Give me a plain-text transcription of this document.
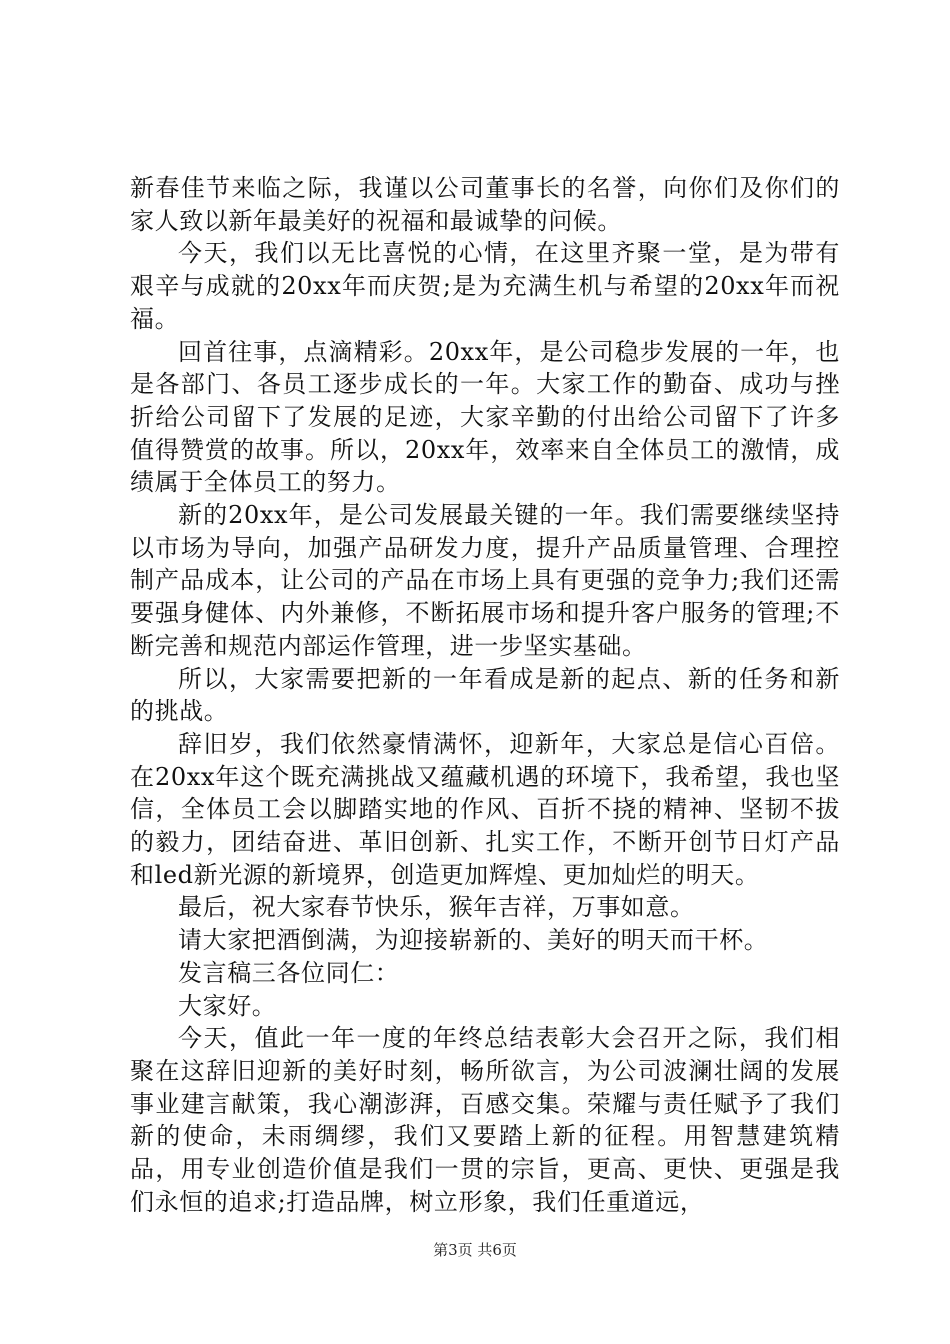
新春佳节来临之际，我谨以公司董事长的名誉，向你们及你们的家人致以新年最美好的祝福和最诚挚的问候。

今天，我们以无比喜悦的心情，在这里齐聚一堂，是为带有艰辛与成就的20xx年而庆贺;是为充满生机与希望的20xx年而祝福。

回首往事，点滴精彩。20xx年，是公司稳步发展的一年，也是各部门、各员工逐步成长的一年。大家工作的勤奋、成功与挫折给公司留下了发展的足迹，大家辛勤的付出给公司留下了许多值得赞赏的故事。所以，20xx年，效率来自全体员工的激情，成绩属于全体员工的努力。

新的20xx年，是公司发展最关键的一年。我们需要继续坚持以市场为导向，加强产品研发力度，提升产品质量管理、合理控制产品成本，让公司的产品在市场上具有更强的竞争力;我们还需要强身健体、内外兼修，不断拓展市场和提升客户服务的管理;不断完善和规范内部运作管理，进一步坚实基础。

所以，大家需要把新的一年看成是新的起点、新的任务和新的挑战。

辞旧岁，我们依然豪情满怀，迎新年，大家总是信心百倍。在20xx年这个既充满挑战又蕴藏机遇的环境下，我希望，我也坚信，全体员工会以脚踏实地的作风、百折不挠的精神、坚韧不拔的毅力，团结奋进、革旧创新、扎实工作，不断开创节日灯产品和led新光源的新境界，创造更加辉煌、更加灿烂的明天。

最后，祝大家春节快乐，猴年吉祥，万事如意。

请大家把酒倒满，为迎接崭新的、美好的明天而干杯。

发言稿三各位同仁：

大家好。

今天，值此一年一度的年终总结表彰大会召开之际，我们相聚在这辞旧迎新的美好时刻，畅所欲言，为公司波澜壮阔的发展事业建言献策，我心潮澎湃，百感交集。荣耀与责任赋予了我们新的使命，未雨绸缪，我们又要踏上新的征程。用智慧建筑精品，用专业创造价值是我们一贯的宗旨，更高、更快、更强是我们永恒的追求;打造品牌，树立形象，我们任重道远，

第3页 共6页
